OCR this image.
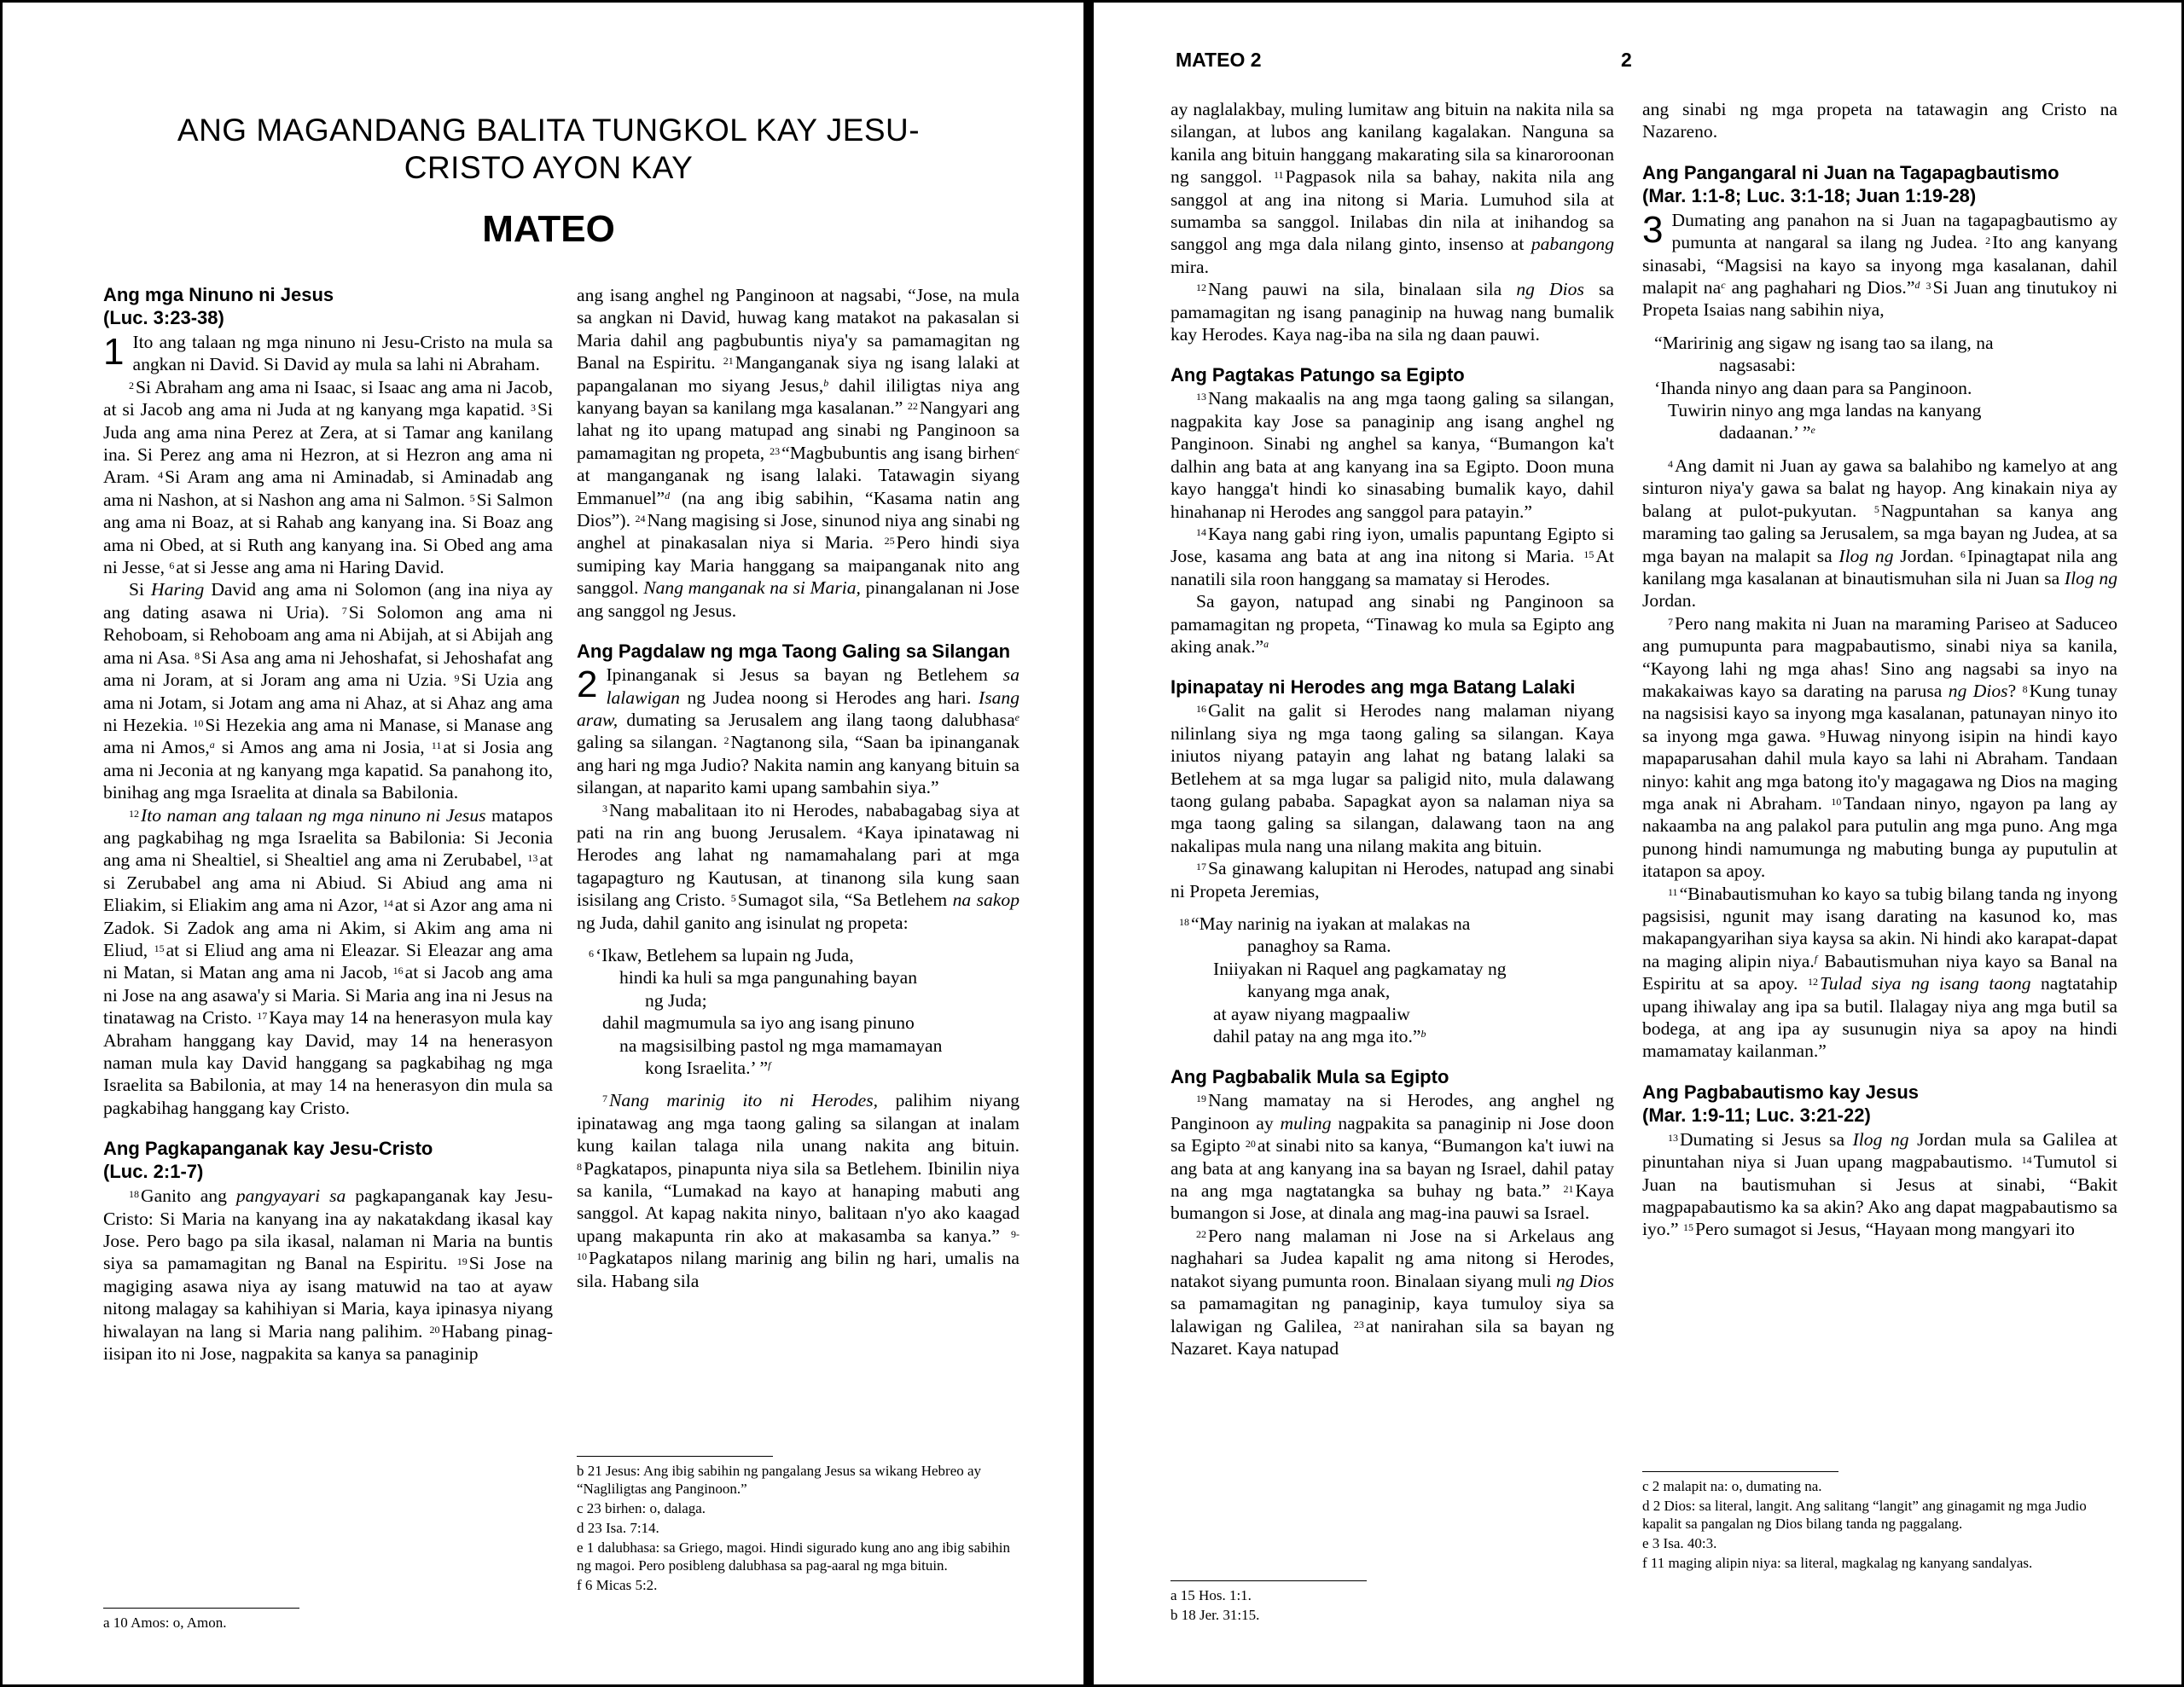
ANG MAGANDANG BALITA TUNGKOL KAY JESU-
CRISTO AYON KAY
MATEO
Ang mga Ninuno ni Jesus
(Luc. 3:23-38)

1 Ito ang talaan ng mga ninuno ni Jesu-Cristo na mula sa angkan ni David. Si David ay mula sa lahi ni Abraham.

$^2$Si Abraham ang ama ni Isaac, si Isaac ang ama ni Jacob, at si Jacob ang ama ni Juda at ng kanyang mga kapatid. $^3$Si Juda ang ama nina Perez at Zera, at si Tamar ang kanilang ina. Si Perez ang ama ni Hezron, at si Hezron ang ama ni Aram. $^4$Si Aram ang ama ni Aminadab, si Aminadab ang ama ni Nashon, at si Nashon ang ama ni Salmon. $^5$Si Salmon ang ama ni Boaz, at si Rahab ang kanyang ina. Si Boaz ang ama ni Obed, at si Ruth ang kanyang ina. Si Obed ang ama ni Jesse, $^6$at si Jesse ang ama ni Haring David.

Si Haring David ang ama ni Solomon (ang ina niya ay ang dating asawa ni Uria). $^7$Si Solomon ang ama ni Rehoboam, si Rehoboam ang ama ni Abijah, at si Abijah ang ama ni Asa. $^8$Si Asa ang ama ni Jehoshafat, si Jehoshafat ang ama ni Joram, at si Joram ang ama ni Uzia. $^9$Si Uzia ang ama ni Jotam, si Jotam ang ama ni Ahaz, at si Ahaz ang ama ni Hezekia. $^{10}$Si Hezekia ang ama ni Manase, si Manase ang ama ni Amos,$^a$ si Amos ang ama ni Josia, $^{11}$at si Josia ang ama ni Jeconia at ng kanyang mga kapatid. Sa panahong ito, binihag ang mga Israelita at dinala sa Babilonia.

$^{12}$Ito naman ang talaan ng mga ninuno ni Jesus matapos ang pagkabihag ng mga Israelita sa Babilonia: Si Jeconia ang ama ni Shealtiel, si Shealtiel ang ama ni Zerubabel, $^{13}$at si Zerubabel ang ama ni Abiud. Si Abiud ang ama ni Eliakim, si Eliakim ang ama ni Azor, $^{14}$at si Azor ang ama ni Zadok. Si Zadok ang ama ni Akim, si Akim ang ama ni Eliud, $^{15}$at si Eliud ang ama ni Eleazar. Si Eleazar ang ama ni Matan, si Matan ang ama ni Jacob, $^{16}$at si Jacob ang ama ni Jose na ang asawa'y si Maria. Si Maria ang ina ni Jesus na tinatawag na Cristo. $^{17}$Kaya may 14 na henerasyon mula kay Abraham hanggang kay David, may 14 na henerasyon naman mula kay David hanggang sa pagkabihag ng mga Israelita sa Babilonia, at may 14 na henerasyon din mula sa pagkabihag hanggang kay Cristo.

Ang Pagkapanganak kay Jesu-Cristo
(Luc. 2:1-7)

$^{18}$Ganito ang pangyayari sa pagkapanganak kay Jesu-Cristo: Si Maria na kanyang ina ay nakatakdang ikasal kay Jose. Pero bago pa sila ikasal, nalaman ni Maria na buntis siya sa pamamagitan ng Banal na Espiritu. $^{19}$Si Jose na magiging asawa niya ay isang matuwid na tao at ayaw nitong malagay sa kahihiyan si Maria, kaya ipinasya niyang hiwalayan na lang si Maria nang palihim. $^{20}$Habang pinag-iisipan ito ni Jose, nagpakita sa kanya sa panaginip

a 10 Amos: o, Amon.

ang isang anghel ng Panginoon at nagsabi, “Jose, na mula sa angkan ni David, huwag kang matakot na pakasalan si Maria dahil ang pagbubuntis niya'y sa pamamagitan ng Banal na Espiritu. $^{21}$Manganganak siya ng isang lalaki at papangalanan mo siyang Jesus,$^b$ dahil ililigtas niya ang kanyang bayan sa kanilang mga kasalanan.” $^{22}$Nangyari ang lahat ng ito upang matupad ang sinabi ng Panginoon sa pamamagitan ng propeta, $^{23}$“Magbubuntis ang isang birhen$^c$ at manganganak ng isang lalaki. Tatawagin siyang Emmanuel”$^d$ (na ang ibig sabihin, “Kasama natin ang Dios”). $^{24}$Nang magising si Jose, sinunod niya ang sinabi ng anghel at pinakasalan niya si Maria. $^{25}$Pero hindi siya sumiping kay Maria hanggang sa maipanganak nito ang sanggol. Nang manganak na si Maria, pinangalanan ni Jose ang sanggol ng Jesus.

Ang Pagdalaw ng mga Taong Galing sa Silangan

2 Ipinanganak si Jesus sa bayan ng Betlehem sa lalawigan ng Judea noong si Herodes ang hari. Isang araw, dumating sa Jerusalem ang ilang taong dalubhasa$^e$ galing sa silangan. $^2$Nagtanong sila, “Saan ba ipinanganak ang hari ng mga Judio? Nakita namin ang kanyang bituin sa silangan, at naparito kami upang sambahin siya.”

$^3$Nang mabalitaan ito ni Herodes, nababagabag siya at pati na rin ang buong Jerusalem. $^4$Kaya ipinatawag ni Herodes ang lahat ng namamahalang pari at mga tagapagturo ng Kautusan, at tinanong sila kung saan isisilang ang Cristo. $^5$Sumagot sila, “Sa Betlehem na sakop ng Juda, dahil ganito ang isinulat ng propeta:

$^6$‘Ikaw, Betlehem sa lupain ng Juda,
hindi ka huli sa mga pangunahing bayan
ng Juda;
dahil magmumula sa iyo ang isang pinuno
na magsisilbing pastol ng mga mamamayan
kong Israelita.’ ”$^f$

$^7$Nang marinig ito ni Herodes, palihim niyang ipinatawag ang mga taong galing sa silangan at inalam kung kailan talaga nila unang nakita ang bituin. $^8$Pagkatapos, pinapunta niya sila sa Betlehem. Ibinilin niya sa kanila, “Lumakad na kayo at hanaping mabuti ang sanggol. At kapag nakita ninyo, balitaan n'yo ako kaagad upang makapunta rin ako at makasamba sa kanya.” $^{9-10}$Pagkatapos nilang marinig ang bilin ng hari, umalis na sila. Habang sila

b 21 Jesus: Ang ibig sabihin ng pangalang Jesus sa wikang Hebreo ay “Nagliligtas ang Panginoon.”
c 23 birhen: o, dalaga.
d 23 Isa. 7:14.
e 1 dalubhasa: sa Griego, magoi. Hindi sigurado kung ano ang ibig sabihin ng magoi. Pero posibleng dalubhasa sa pag-aaral ng mga bituin.
f 6 Micas 5:2.
MATEO 2	2

ay naglalakbay, muling lumitaw ang bituin na nakita nila sa silangan, at lubos ang kanilang kagalakan. Nanguna sa kanila ang bituin hanggang makarating sila sa kinaroroonan ng sanggol. $^{11}$Pagpasok nila sa bahay, nakita nila ang sanggol at ang ina nitong si Maria. Lumuhod sila at sumamba sa sanggol. Inilabas din nila at inihandog sa sanggol ang mga dala nilang ginto, insenso at pabangong mira.

$^{12}$Nang pauwi na sila, binalaan sila ng Dios sa pamamagitan ng isang panaginip na huwag nang bumalik kay Herodes. Kaya nag-iba na sila ng daan pauwi.

Ang Pagtakas Patungo sa Egipto

$^{13}$Nang makaalis na ang mga taong galing sa silangan, nagpakita kay Jose sa panaginip ang isang anghel ng Panginoon. Sinabi ng anghel sa kanya, “Bumangon ka't dalhin ang bata at ang kanyang ina sa Egipto. Doon muna kayo hangga't hindi ko sinasabing bumalik kayo, dahil hinahanap ni Herodes ang sanggol para patayin.”

$^{14}$Kaya nang gabi ring iyon, umalis papuntang Egipto si Jose, kasama ang bata at ang ina nitong si Maria. $^{15}$At nanatili sila roon hanggang sa mamatay si Herodes.

Sa gayon, natupad ang sinabi ng Panginoon sa pamamagitan ng propeta, “Tinawag ko mula sa Egipto ang aking anak.”$^a$

Ipinapatay ni Herodes ang mga Batang Lalaki

$^{16}$Galit na galit si Herodes nang malaman niyang nilinlang siya ng mga taong galing sa silangan. Kaya iniutos niyang patayin ang lahat ng batang lalaki sa Betlehem at sa mga lugar sa paligid nito, mula dalawang taong gulang pababa. Sapagkat ayon sa nalaman niya sa mga taong galing sa silangan, dalawang taon na ang nakalipas mula nang una nilang makita ang bituin.

$^{17}$Sa ginawang kalupitan ni Herodes, natupad ang sinabi ni Propeta Jeremias,

$^{18}$“May narinig na iyakan at malakas na
panaghoy sa Rama.
Iniiyakan ni Raquel ang pagkamatay ng
kanyang mga anak,
at ayaw niyang magpaaliw
dahil patay na ang mga ito.”$^b$
Ang Pagbabalik Mula sa Egipto

$^{19}$Nang mamatay na si Herodes, ang anghel ng Panginoon ay muling nagpakita sa panaginip ni Jose doon sa Egipto $^{20}$at sinabi nito sa kanya, “Bumangon ka't iuwi na ang bata at ang kanyang ina sa bayan ng Israel, dahil patay na ang mga nagtatangka sa buhay ng bata.” $^{21}$Kaya bumangon si Jose, at dinala ang mag-ina pauwi sa Israel.

$^{22}$Pero nang malaman ni Jose na si Arkelaus ang naghahari sa Judea kapalit ng ama nitong si Herodes, natakot siyang pumunta roon. Binalaan siyang muli ng Dios sa pamamagitan ng panaginip, kaya tumuloy siya sa lalawigan ng Galilea, $^{23}$at nanirahan sila sa bayan ng Nazaret. Kaya natupad

a 15 Hos. 1:1.
b 18 Jer. 31:15.

ang sinabi ng mga propeta na tatawagin ang Cristo na Nazareno.

Ang Pangangaral ni Juan na Tagapagbautismo
(Mar. 1:1-8; Luc. 3:1-18; Juan 1:19-28)

3 Dumating ang panahon na si Juan na tagapagbautismo ay pumunta at nangaral sa ilang ng Judea. $^2$Ito ang kanyang sinasabi, “Magsisi na kayo sa inyong mga kasalanan, dahil malapit na$^c$ ang paghahari ng Dios.”$^d$ $^3$Si Juan ang tinutukoy ni Propeta Isaias nang sabihin niya,

“Maririnig ang sigaw ng isang tao sa ilang, na
nagsasabi:
‘Ihanda ninyo ang daan para sa Panginoon.
Tuwirin ninyo ang mga landas na kanyang
dadaanan.’ ”$^e$

$^4$Ang damit ni Juan ay gawa sa balahibo ng kamelyo at ang sinturon niya'y gawa sa balat ng hayop. Ang kinakain niya ay balang at pulot-pukyutan. $^5$Nagpuntahan sa kanya ang maraming tao galing sa Jerusalem, sa mga bayan ng Judea, at sa mga bayan na malapit sa Ilog ng Jordan. $^6$Ipinagtapat nila ang kanilang mga kasalanan at binautismuhan sila ni Juan sa Ilog ng Jordan.

$^7$Pero nang makita ni Juan na maraming Pariseo at Saduceo ang pumupunta para magpabautismo, sinabi niya sa kanila, “Kayong lahi ng mga ahas! Sino ang nagsabi sa inyo na makakaiwas kayo sa darating na parusa ng Dios? $^8$Kung tunay na nagsisisi kayo sa inyong mga kasalanan, patunayan ninyo ito sa inyong mga gawa. $^9$Huwag ninyong isipin na hindi kayo mapaparusahan dahil mula kayo sa lahi ni Abraham. Tandaan ninyo: kahit ang mga batong ito'y magagawa ng Dios na maging mga anak ni Abraham. $^{10}$Tandaan ninyo, ngayon pa lang ay nakaamba na ang palakol para putulin ang mga puno. Ang mga punong hindi namumunga ng mabuting bunga ay puputulin at itatapon sa apoy.

$^{11}$“Binabautismuhan ko kayo sa tubig bilang tanda ng inyong pagsisisi, ngunit may isang darating na kasunod ko, mas makapangyarihan siya kaysa sa akin. Ni hindi ako karapat-dapat na maging alipin niya.$^f$ Babautismuhan niya kayo sa Banal na Espiritu at sa apoy. $^{12}$Tulad siya ng isang taong nagtatahip upang ihiwalay ang ipa sa butil. Ilalagay niya ang mga butil sa bodega, at ang ipa ay susunugin niya sa apoy na hindi mamamatay kailanman.”

Ang Pagbabautismo kay Jesus
(Mar. 1:9-11; Luc. 3:21-22)

$^{13}$Dumating si Jesus sa Ilog ng Jordan mula sa Galilea at pinuntahan niya si Juan upang magpabautismo. $^{14}$Tumutol si Juan na bautismuhan si Jesus at sinabi, “Bakit magpapabautismo ka sa akin? Ako ang dapat magpabautismo sa iyo.” $^{15}$Pero sumagot si Jesus, “Hayaan mong mangyari ito

c 2 malapit na: o, dumating na.
d 2 Dios: sa literal, langit. Ang salitang “langit” ang ginagamit ng mga Judio kapalit sa pangalan ng Dios bilang tanda ng paggalang.
e 3 Isa. 40:3.
f 11 maging alipin niya: sa literal, magkalag ng kanyang sandalyas.
